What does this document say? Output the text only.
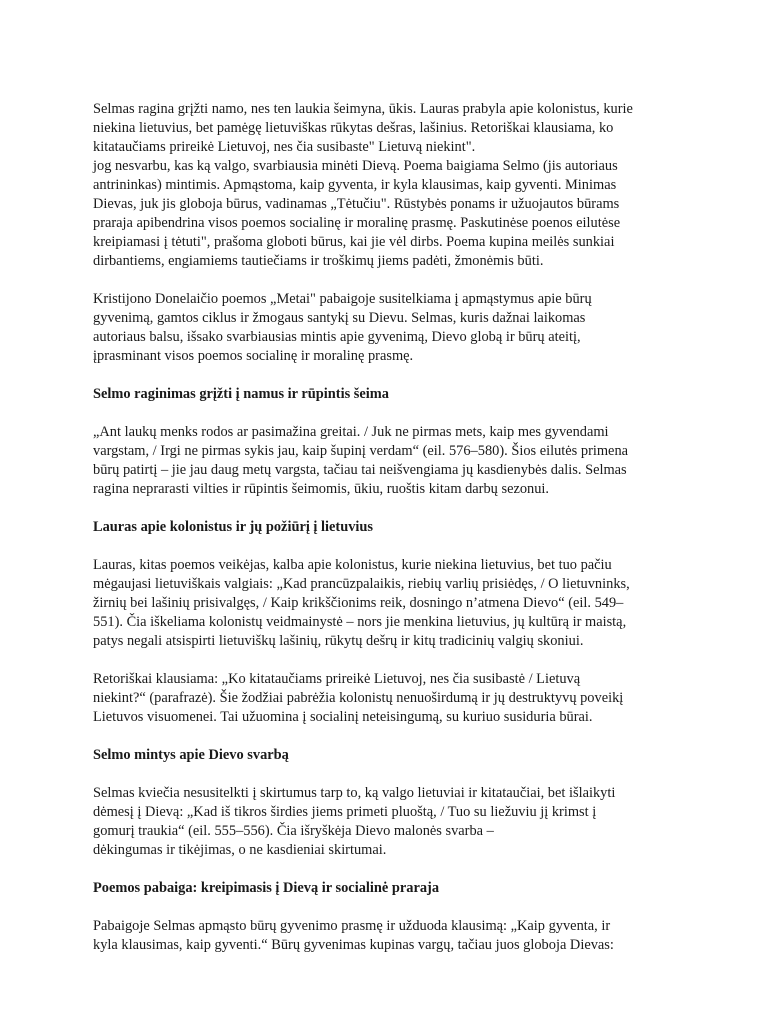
Selmas ragina grįžti namo, nes ten laukia šeimyna, ūkis. Lauras prabyla apie kolonistus, kurie
niekina lietuvius, bet pamėgę lietuviškas rūkytas dešras, lašinius. Retoriškai klausiama, ko
kitataučiams prireikė Lietuvoj, nes čia susibaste" Lietuvą niekint".

jog nesvarbu, kas ką valgo, svarbiausia minėti Dievą. Poema baigiama Selmo (jis autoriaus
antrininkas) mintimis. Apmąstoma, kaip gyventa, ir kyla klausimas, kaip gyventi. Minimas
Dievas, juk jis globoja būrus, vadinamas „Tėtučiu". Rūstybės ponams ir užuojautos būrams
praraja apibendrina visos poemos socialinę ir moralinę prasmę. Paskutinėse poenos eilutėse
kreipiamasi į tėtuti", prašoma globoti būrus, kai jie vėl dirbs. Poema kupina meilės sunkiai
dirbantiems, engiamiems tautiečiams ir troškimų jiems padėti, žmonėmis būti.

Kristijono Donelaičio poemos „Metai" pabaigoje susitelkiama į apmąstymus apie būrų
gyvenimą, gamtos ciklus ir žmogaus santykį su Dievu. Selmas, kuris dažnai laikomas
autoriaus balsu, išsako svarbiausias mintis apie gyvenimą, Dievo globą ir būrų ateitį,
įprasminant visos poemos socialinę ir moralinę prasmę.

Selmo raginimas grįžti į namus ir rūpintis šeima

„Ant laukų menks rodos ar pasimažina greitai. / Juk ne pirmas mets, kaip mes gyvendami
vargstam, / Irgi ne pirmas sykis jau, kaip šupinį verdam“ (eil. 576–580). Šios eilutės primena
būrų patirtį – jie jau daug metų vargsta, tačiau tai neišvengiama jų kasdienybės dalis. Selmas
ragina neprarasti vilties ir rūpintis šeimomis, ūkiu, ruoštis kitam darbų sezonui.

Lauras apie kolonistus ir jų požiūrį į lietuvius

Lauras, kitas poemos veikėjas, kalba apie kolonistus, kurie niekina lietuvius, bet tuo pačiu
mėgaujasi lietuviškais valgiais: „Kad prancūzpalaikis, riebių varlių prisiėdęs, / O lietuvninks,
žirnių bei lašinių prisivalgęs, / Kaip krikščionims reik, dosningo n’atmena Dievo“ (eil. 549–
551). Čia iškeliama kolonistų veidmainystė – nors jie menkina lietuvius, jų kultūrą ir maistą,
patys negali atsispirti lietuviškų lašinių, rūkytų dešrų ir kitų tradicinių valgių skoniui.

Retoriškai klausiama: „Ko kitataučiams prireikė Lietuvoj, nes čia susibastė / Lietuvą
niekint?“ (parafrazė). Šie žodžiai pabrėžia kolonistų nenuoširdumą ir jų destruktyvų poveikį
Lietuvos visuomenei. Tai užuomina į socialinį neteisingumą, su kuriuo susiduria būrai.

Selmo mintys apie Dievo svarbą

Selmas kviečia nesusitelkti į skirtumus tarp to, ką valgo lietuviai ir kitataučiai, bet išlaikyti
dėmesį į Dievą: „Kad iš tikros širdies jiems primeti pluoštą, / Tuo su liežuviu jį krimst į
gomurį traukia“ (eil. 555–556). Čia išryškėja Dievo malonės svarba –
dėkingumas ir tikėjimas, o ne kasdieniai skirtumai.

Poemos pabaiga: kreipimasis į Dievą ir socialinė praraja

Pabaigoje Selmas apmąsto būrų gyvenimo prasmę ir užduoda klausimą: „Kaip gyventa, ir
kyla klausimas, kaip gyventi.“ Būrų gyvenimas kupinas vargų, tačiau juos globoja Dievas:
